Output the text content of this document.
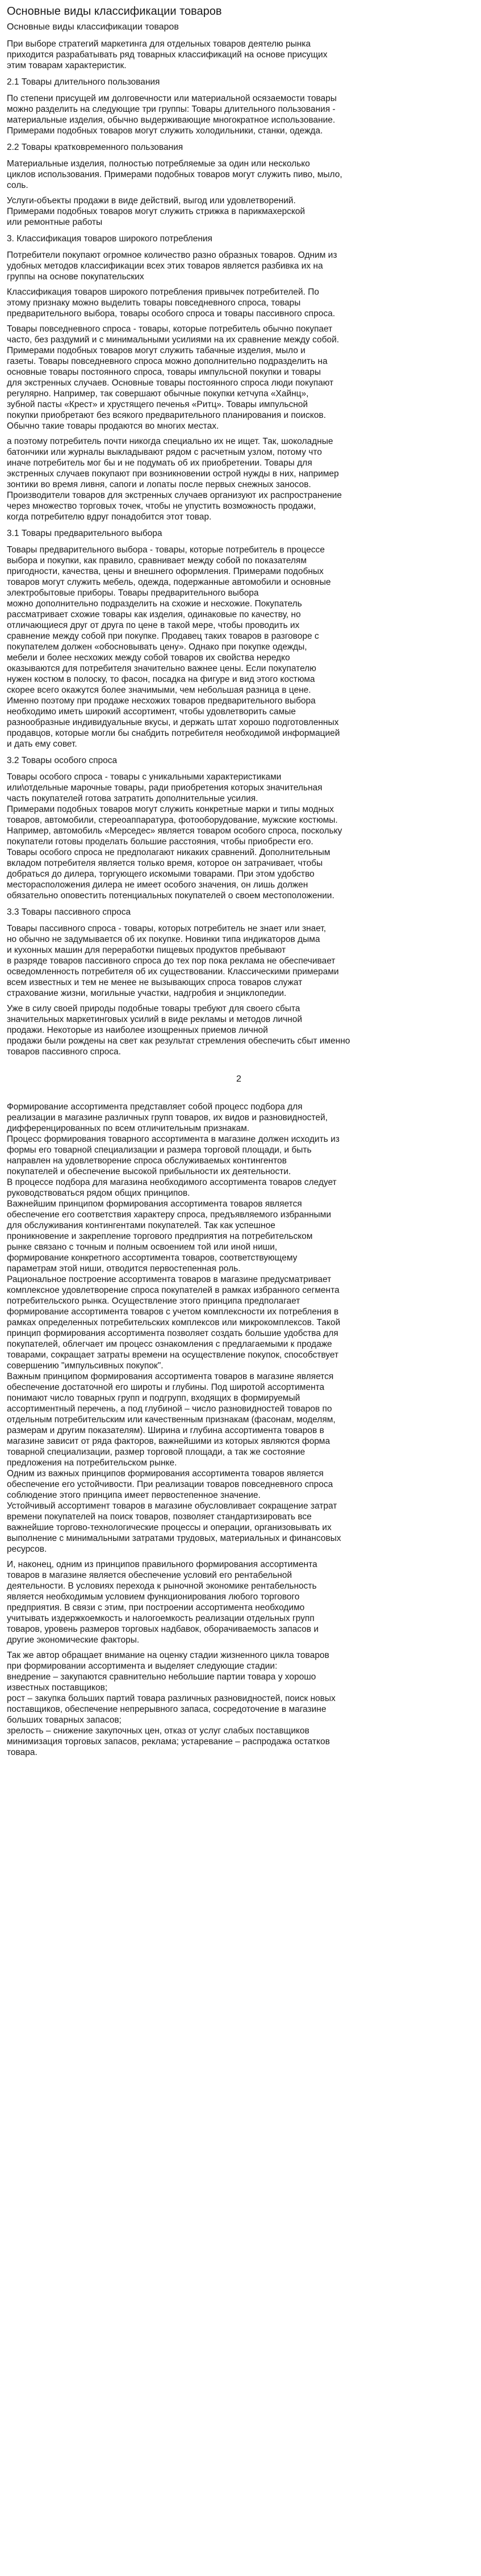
Основные виды классификации товаров
Основные виды классификации товаров

При выборе стратегий маркетинга для отдельных товаров деятелю рынка
приходится разрабатывать ряд товарных классификаций на основе присущих
этим товарам характеристик.

2.1 Товары длительного пользования

По степени присущей им долговечности или материальной осязаемости товары
можно разделить на следующие три группы: Товары длительного пользования -
материальные изделия, обычно выдерживающие многократное использование.
Примерами подобных товаров могут служить холодильники, станки, одежда.

2.2 Товары кратковременного пользования

Материальные изделия, полностью потребляемые за один или несколько
циклов использования. Примерами подобных товаров могут служить пиво, мыло,
соль.

Услуги-объекты продажи в виде действий, выгод или удовлетворений.
Примерами подобных товаров могут служить стрижка в парикмахерской
или ремонтные работы

3. Классификация товаров широкого потребления

Потребители покупают огромное количество разно образных товаров. Одним из
удобных методов классификации всех этих товаров является разбивка их на
группы на основе покупательских

Классификация товаров широкого потребления привычек потребителей. По
этому признаку можно выделить товары повседневного спроса, товары
предварительного выбора, товары особого спроса и товары пассивного спроса.

Товары повседневного спроса - товары, которые потребитель обычно покупает
часто, без раздумий и с минимальными усилиями на их сравнение между собой.
Примерами подобных товаров могут служить табачные изделия, мыло и
газеты. Товары повседневного спроса можно дополнительно подразделить на
основные товары постоянного спроса, товары импульсной покупки и товары
для экстренных случаев. Основные товары постоянного спроса люди покупают
регулярно. Например, так совершают обычные покупки кетчупа «Хайнц»,
зубной пасты «Крест» и хрустящего печенья «Ритц». Товары импульсной
покупки приобретают без всякого предварительного планирования и поисков.
Обычно такие товары продаются во многих местах.

а поэтому потребитель почти никогда специально их не ищет. Так, шоколадные
батончики или журналы выкладывают рядом с расчетным узлом, потому что
иначе потребитель мог бы и не подумать об их приобретении. Товары для
экстренных случаев покупают при возникновении острой нужды в них, например
зонтики во время ливня, сапоги и лопаты после первых снежных заносов.
Производители товаров для экстренных случаев организуют их распространение
через множество торговых точек, чтобы не упустить возможность продажи,
когда потребителю вдруг понадобится этот товар.

3.1 Товары предварительного выбора

Товары предварительного выбора - товары, которые потребитель в процессе
выбора и покупки, как правило, сравнивает между собой по показателям
пригодности, качества, цены и внешнего оформления. Примерами подобных
товаров могут служить мебель, одежда, подержанные автомобили и основные
электробытовые приборы. Товары предварительного выбора
можно дополнительно подразделить на схожие и несхожие. Покупатель
рассматривает схожие товары как изделия, одинаковые по качеству, но
отличающиеся друг от друга по цене в такой мере, чтобы проводить их
сравнение между собой при покупке. Продавец таких товаров в разговоре с
покупателем должен «обосновывать цену». Однако при покупке одежды,
мебели и более несхожих между собой товаров их свойства нередко
оказываются для потребителя значительно важнее цены. Если покупателю
нужен костюм в полоску, то фасон, посадка на фигуре и вид этого костюма
скорее всего окажутся более значимыми, чем небольшая разница в цене.
Именно поэтому при продаже несхожих товаров предварительного выбора
необходимо иметь широкий ассортимент, чтобы удовлетворить самые
разнообразные индивидуальные вкусы, и держать штат хорошо подготовленных
продавцов, которые могли бы снабдить потребителя необходимой информацией
и дать ему совет.

3.2 Товары особого спроса

Товары особого спроса - товары с уникальными характеристиками
или\отдельные марочные товары, ради приобретения которых значительная
часть покупателей готова затратить дополнительные усилия.
Примерами подобных товаров могут служить конкретные марки и типы модных
товаров, автомобили, стереоаппаратура, фотооборудование, мужские костюмы.
Например, автомобиль «Мерседес» является товаром особого спроса, поскольку
покупатели готовы проделать большие расстояния, чтобы приобрести его.
Товары особого спроса не предполагают никаких сравнений. Дополнительным
вкладом потребителя является только время, которое он затрачивает, чтобы
добраться до дилера, торгующего искомыми товарами. При этом удобство
месторасположения дилера не имеет особого значения, он лишь должен
обязательно оповестить потенциальных покупателей о своем местоположении.

3.3 Товары пассивного спроса

Товары пассивного спроса - товары, которых потребитель не знает или знает,
но обычно не задумывается об их покупке. Новинки типа индикаторов дыма
и кухонных машин для переработки пищевых продуктов пребывают
в разряде товаров пассивного спроса до тех пор пока реклама не обеспечивает
осведомленность потребителя об их существовании. Классическими примерами
всем известных и тем не менее не вызывающих спроса товаров служат
страхование жизни, могильные участки, надгробия и энциклопедии.

Уже в силу своей природы подобные товары требуют для своего сбыта
значительных маркетинговых усилий в виде рекламы и методов личной
продажи. Некоторые из наиболее изощренных приемов личной
продажи были рождены на свет как результат стремления обеспечить сбыт именно
товаров пассивного спроса.

2

Формирование ассортимента представляет собой процесс подбора для
реализации в магазине различных групп товаров, их видов и разновидностей,
дифференцированных по всем отличительным признакам.
Процесс формирования товарного ассортимента в магазине должен исходить из
формы его товарной специализации и размера торговой площади, и быть
направлен на удовлетворение спроса обслуживаемых контингентов
покупателей и обеспечение высокой прибыльности их деятельности.
В процессе подбора для магазина необходимого ассортимента товаров следует
руководствоваться рядом общих принципов.
Важнейшим принципом формирования ассортимента товаров является
обеспечение его соответствия характеру спроса, предъявляемого избранными
для обслуживания контингентами покупателей. Так как успешное
проникновение и закрепление торгового предприятия на потребительском
рынке связано с точным и полным освоением той или иной ниши,
формирование конкретного ассортимента товаров, соответствующему
параметрам этой ниши, отводится первостепенная роль.
Рациональное построение ассортимента товаров в магазине предусматривает
комплексное удовлетворение спроса покупателей в рамках избранного сегмента
потребительского рынка. Осуществление этого принципа предполагает
формирование ассортимента товаров с учетом комплексности их потребления в
рамках определенных потребительских комплексов или микрокомплексов. Такой
принцип формирования ассортимента позволяет создать большие удобства для
покупателей, облегчает им процесс ознакомления с предлагаемыми к продаже
товарами, сокращает затраты времени на осуществление покупок, способствует
совершению "импульсивных покупок".
Важным принципом формирования ассортимента товаров в магазине является
обеспечение достаточной его широты и глубины. Под широтой ассортимента
понимают число товарных групп и подгрупп, входящих в формируемый
ассортиментный перечень, а под глубиной – число разновидностей товаров по
отдельным потребительским или качественным признакам (фасонам, моделям,
размерам и другим показателям). Ширина и глубина ассортимента товаров в
магазине зависит от ряда факторов, важнейшими из которых являются форма
товарной специализации, размер торговой площади, а так же состояние
предложения на потребительском рынке.
Одним из важных принципов формирования ассортимента товаров является
обеспечение его устойчивости. При реализации товаров повседневного спроса
соблюдение этого принципа имеет первостепенное значение.
Устойчивый ассортимент товаров в магазине обусловливает сокращение затрат
времени покупателей на поиск товаров, позволяет стандартизировать все
важнейшие торгово-технологические процессы и операции, организовывать их
выполнение с минимальными затратами трудовых, материальных и финансовых
ресурсов.

И, наконец, одним из принципов правильного формирования ассортимента
товаров в магазине является обеспечение условий его рентабельной
деятельности. В условиях перехода к рыночной экономике рентабельность
является необходимым условием функционирования любого торгового
предприятия. В связи с этим, при построении ассортимента необходимо
учитывать издержкоемкость и налогоемкость реализации отдельных групп
товаров, уровень размеров торговых надбавок, оборачиваемость запасов и
другие экономические факторы.

Так же автор обращает внимание на оценку стадии жизненного цикла товаров
при формировании ассортимента и выделяет следующие стадии:
внедрение – закупаются сравнительно небольшие партии товара у хорошо
известных поставщиков;
рост – закупка больших партий товара различных разновидностей, поиск новых
поставщиков, обеспечение непрерывного запаса, сосредоточение в магазине
больших товарных запасов;
зрелость – снижение закупочных цен, отказ от услуг слабых поставщиков
минимизация торговых запасов, реклама; устаревание – распродажа остатков
товара.
